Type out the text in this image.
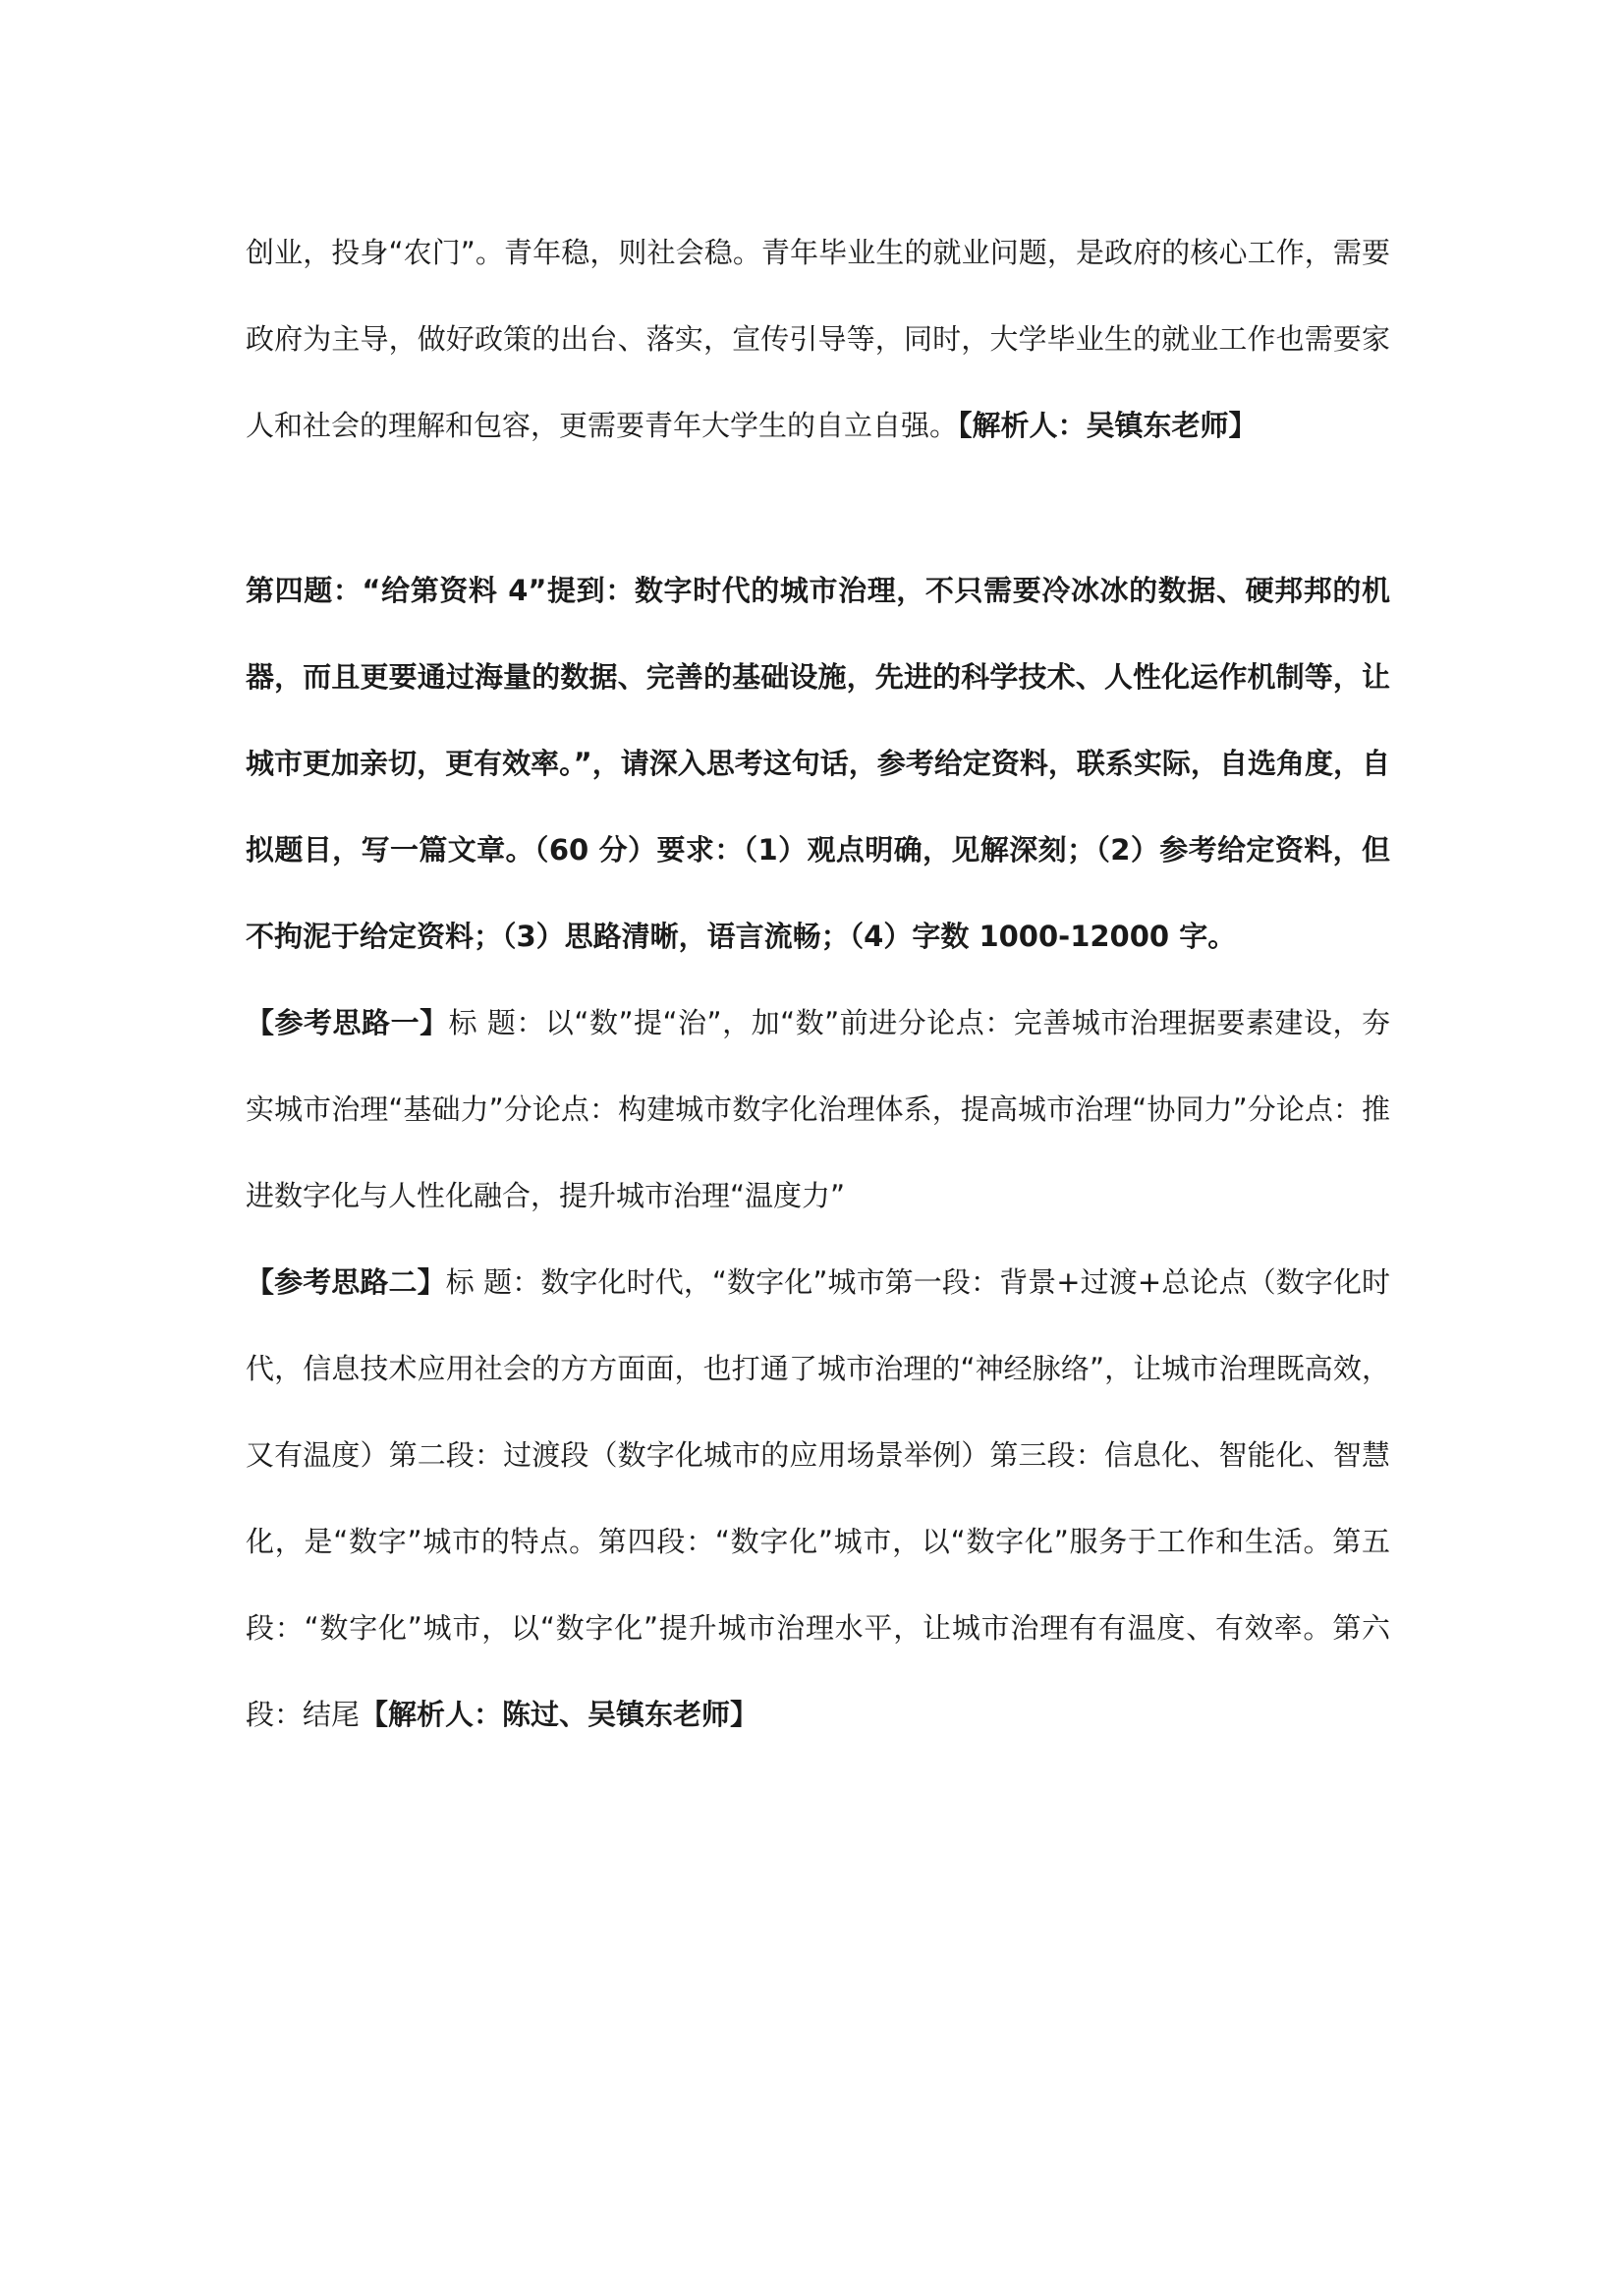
创业，投身“农门”。青年稳，则社会稳。青年毕业生的就业问题，是政府的核心工作，需要政府为主导，做好政策的出台、落实，宣传引导等，同时，大学毕业生的就业工作也需要家人和社会的理解和包容，更需要青年大学生的自立自强。【解析人：吴镇东老师】

第四题：“给第资料 4”提到：数字时代的城市治理，不只需要冷冰冰的数据、硬邦邦的机器，而且更要通过海量的数据、完善的基础设施，先进的科学技术、人性化运作机制等，让城市更加亲切，更有效率。”，请深入思考这句话，参考给定资料，联系实际，自选角度，自拟题目，写一篇文章。（60 分）要求：（1）观点明确，见解深刻；（2）参考给定资料，但不拘泥于给定资料；（3）思路清晰，语言流畅；（4）字数 1000-12000 字。

【参考思路一】标 题：以“数”提“治”，加“数”前进分论点：完善城市治理据要素建设，夯实城市治理“基础力”分论点：构建城市数字化治理体系，提高城市治理“协同力”分论点：推进数字化与人性化融合，提升城市治理“温度力”

【参考思路二】标 题：数字化时代，“数字化”城市第一段：背景+过渡+总论点（数字化时代，信息技术应用社会的方方面面，也打通了城市治理的“神经脉络”，让城市治理既高效，又有温度）第二段：过渡段（数字化城市的应用场景举例）第三段：信息化、智能化、智慧化，是“数字”城市的特点。第四段：“数字化”城市，以“数字化”服务于工作和生活。第五段：“数字化”城市，以“数字化”提升城市治理水平，让城市治理有有温度、有效率。第六段：结尾【解析人：陈过、吴镇东老师】
